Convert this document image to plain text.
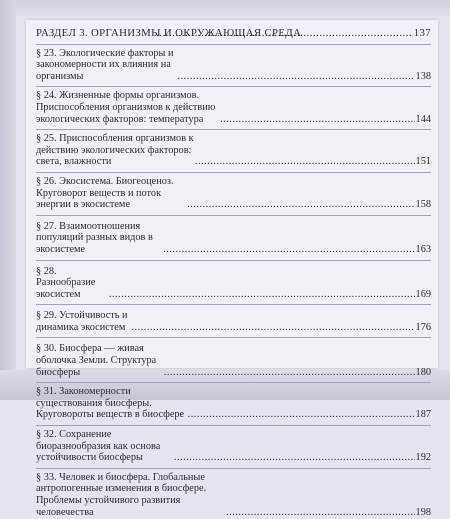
РАЗДЕЛ 3. ОРГАНИЗМЫ И ОКРУЖАЮЩАЯ СРЕДА .....	137
§ 23. Экологические факторы и закономерности их влияния на организмы .....	138
§ 24. Жизненные формы организмов. Приспособления организмов к действию экологических факторов: температура .....	144
§ 25. Приспособления организмов к действию экологических факторов: света, влажности .....	151
§ 26. Экосистема. Биогеоценоз. Круговорот веществ и поток энергии в экосистеме .....	158
§ 27. Взаимоотношения популяций разных видов в экосистеме .....	163
§ 28. Разнообразие экосистем .....	169
§ 29. Устойчивость и динамика экосистем .....	176
§ 30. Биосфера — живая оболочка Земли. Структура биосферы .....	180
§ 31. Закономерности существования биосферы. Круговороты веществ в биосфере .....	187
§ 32. Сохранение биоразнообразия как основа устойчивости биосферы .....	192
§ 33. Человек и биосфера. Глобальные антропогенные изменения в биосфере. Проблемы устойчивого развития человечества .....	198
